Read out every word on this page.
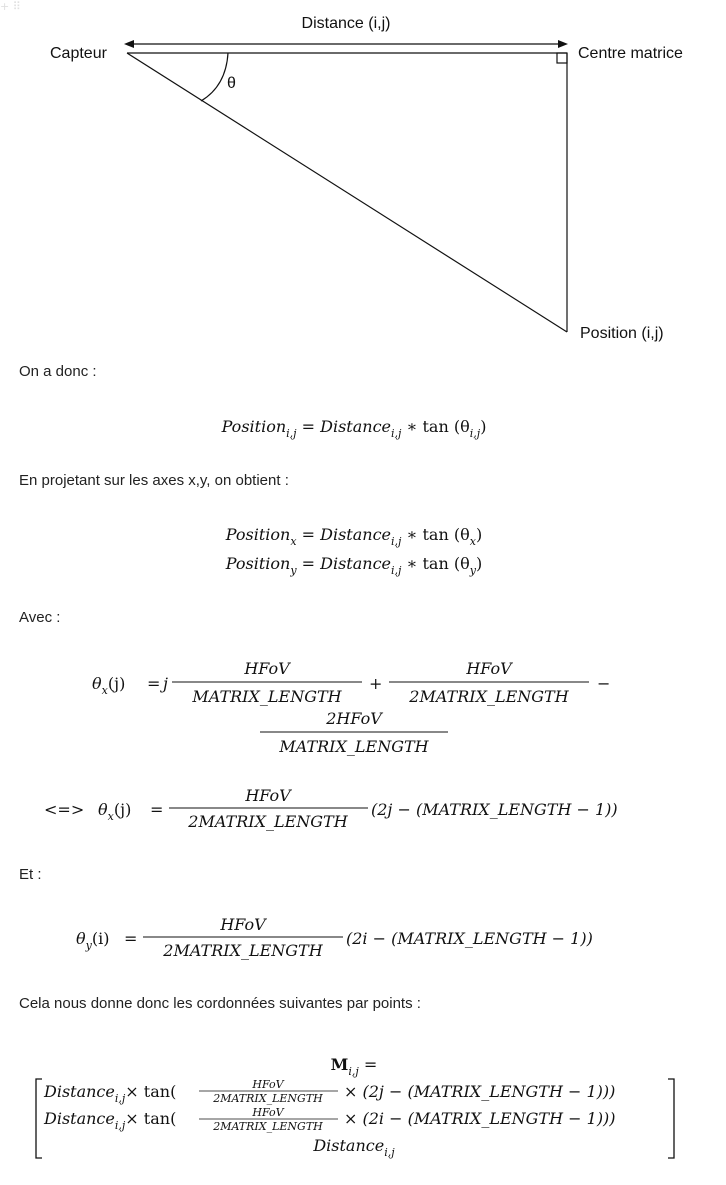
+ ⠿
Distance (i,j)
Capteur	Centre matrice
θ
Position (i,j)
On a donc :
En projetant sur les axes x,y, on obtient :
Avec :
Et :
Cela nous donne donc les cordonnées suivantes par points :
Position$_{i,j}$ = Distance$_{i,j}$ ∗ $\tan (\theta_{i,j})$
Position$_x$ = Distance$_{i,j}$ ∗ $\tan (\theta_x)$
Position$_y$ = Distance$_{i,j}$ ∗ $\tan (\theta_y)$
$\theta_x(j) = j$
HFoV
MATRIX_LENGTH
+
HFoV
2MATRIX_LENGTH
−
2HFoV
MATRIX_LENGTH
<=> $\theta_x(j)$ =
HFoV
2MATRIX_LENGTH
(2j − (MATRIX_LENGTH − 1))
$\theta_y(i)$ =
HFoV
2MATRIX_LENGTH
(2i − (MATRIX_LENGTH − 1))
$M_{i,j}$ =
Distance$_{i,j}$× tan(	HFoV
2MATRIX_LENGTH × (2j − (MATRIX_LENGTH − 1)))
Distance$_{i,j}$× tan(	HFoV
2MATRIX_LENGTH × (2i − (MATRIX_LENGTH − 1)))
Distance$_{i,j}$
